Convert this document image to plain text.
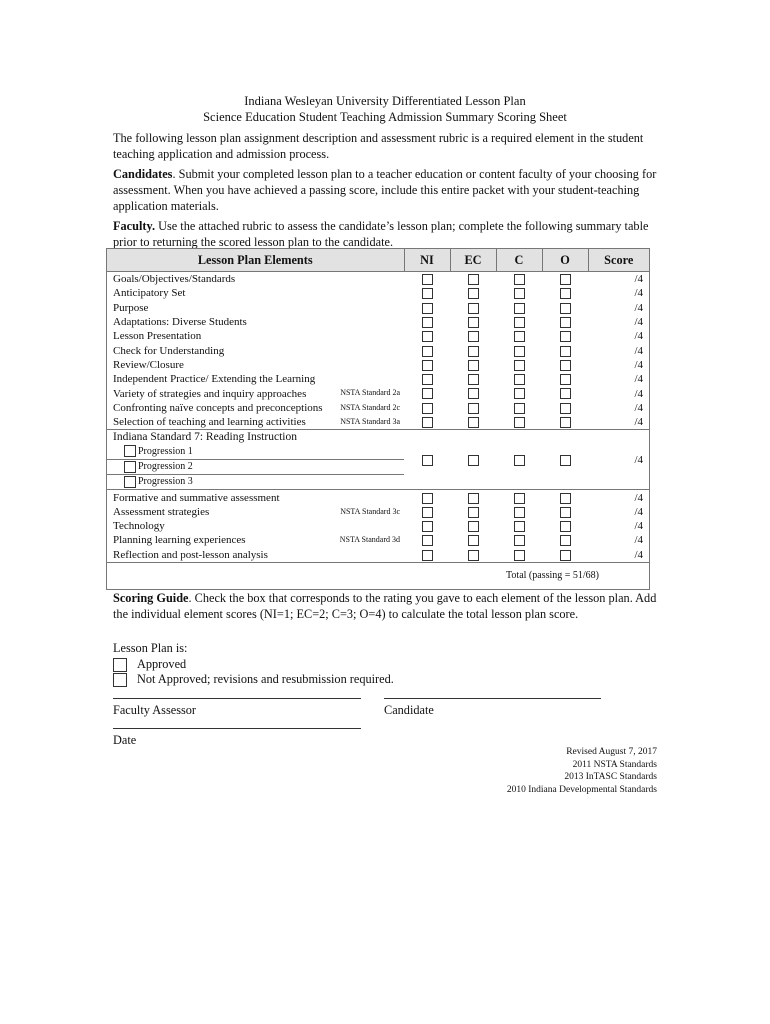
Indiana Wesleyan University Differentiated Lesson Plan
Science Education Student Teaching Admission Summary Scoring Sheet
The following lesson plan assignment description and assessment rubric is a required element in the student teaching application and admission process.
Candidates. Submit your completed lesson plan to a teacher education or content faculty of your choosing for assessment. When you have achieved a passing score, include this entire packet with your student-teaching application materials.
Faculty. Use the attached rubric to assess the candidate’s lesson plan; complete the following summary table prior to returning the scored lesson plan to the candidate.
Lesson Plan Elements	NI	EC	C	O	Score
Goals/Objectives/Standards					/4
Anticipatory Set					/4
Purpose					/4
Adaptations: Diverse Students					/4
Lesson Presentation					/4
Check for Understanding					/4
Review/Closure					/4
Independent Practice/ Extending the Learning					/4
Variety of strategies and inquiry approaches NSTA Standard 2a					/4
Confronting naïve concepts and preconceptions NSTA Standard 2c					/4
Selection of teaching and learning activities NSTA Standard 3a					/4
Indiana Standard 7: Reading Instruction					/4
Progression 1					
Progression 2					
Progression 3					
Formative and summative assessment					/4
Assessment strategies NSTA Standard 3c					/4
Technology					/4
Planning learning experiences NSTA Standard 3d					/4
Reflection and post-lesson analysis					/4
Total (passing = 51/68)					
Scoring Guide. Check the box that corresponds to the rating you gave to each element of the lesson plan. Add the individual element scores (NI=1; EC=2; C=3; O=4) to calculate the total lesson plan score.
Lesson Plan is:
Approved
Not Approved; revisions and resubmission required.
Faculty Assessor	Candidate
Date
Revised August 7, 2017
2011 NSTA Standards
2013 InTASC Standards
2010 Indiana Developmental Standards
